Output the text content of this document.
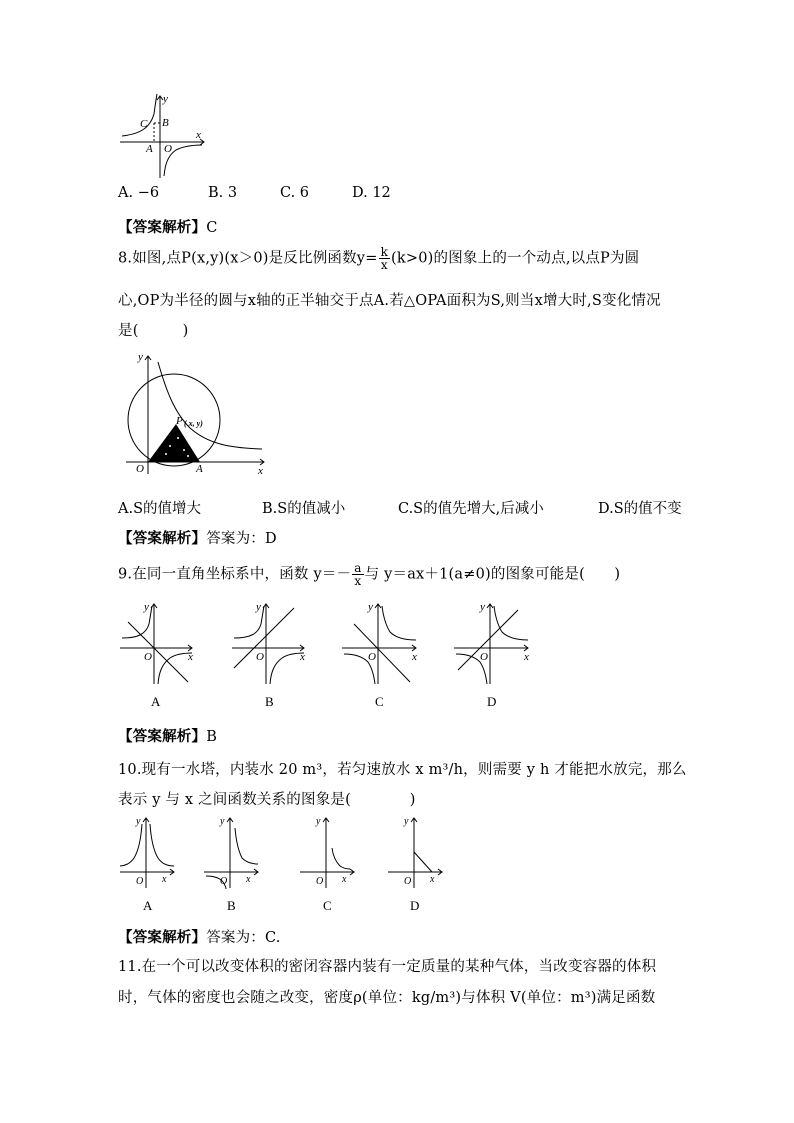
C B
A O
x
y
A. −6	B. 3	C. 6	D. 12
【答案解析】C
8.如图,点P(x,y)(x＞0)是反比例函数$y= \frac{k}{x} (k>0)$的图象上的一个动点,以点P为圆
心,OP为半径的圆与x轴的正半轴交于点A.若△OPA面积为S,则当x增大时,S变化情况
是(　　　)
y
x
O	A
P ( x, y)
A.S的值增大	B.S的值减小	C.S的值先增大,后减小	D.S的值不变
【答案解析】答案为：D
9.在同一直角坐标系中，函数 $y=- \frac{a}{x}$ 与 y＝ax＋1(a≠0)的图象可能是(　　)
O	x
y
A
O	x
y
B
O	x
y
C
O	x
y
D
【答案解析】B
10.现有一水塔，内装水 20 m³，若匀速放水 x m³/h，则需要 y h 才能把水放完，那么
表示 y 与 x 之间函数关系的图象是(　　　　)
O x
y
A
O x
y
B
O x
y
C
O x
y
D
【答案解析】答案为：C.
11.在一个可以改变体积的密闭容器内装有一定质量的某种气体，当改变容器的体积
时，气体的密度也会随之改变，密度ρ(单位：kg/m³)与体积 V(单位：m³)满足函数
